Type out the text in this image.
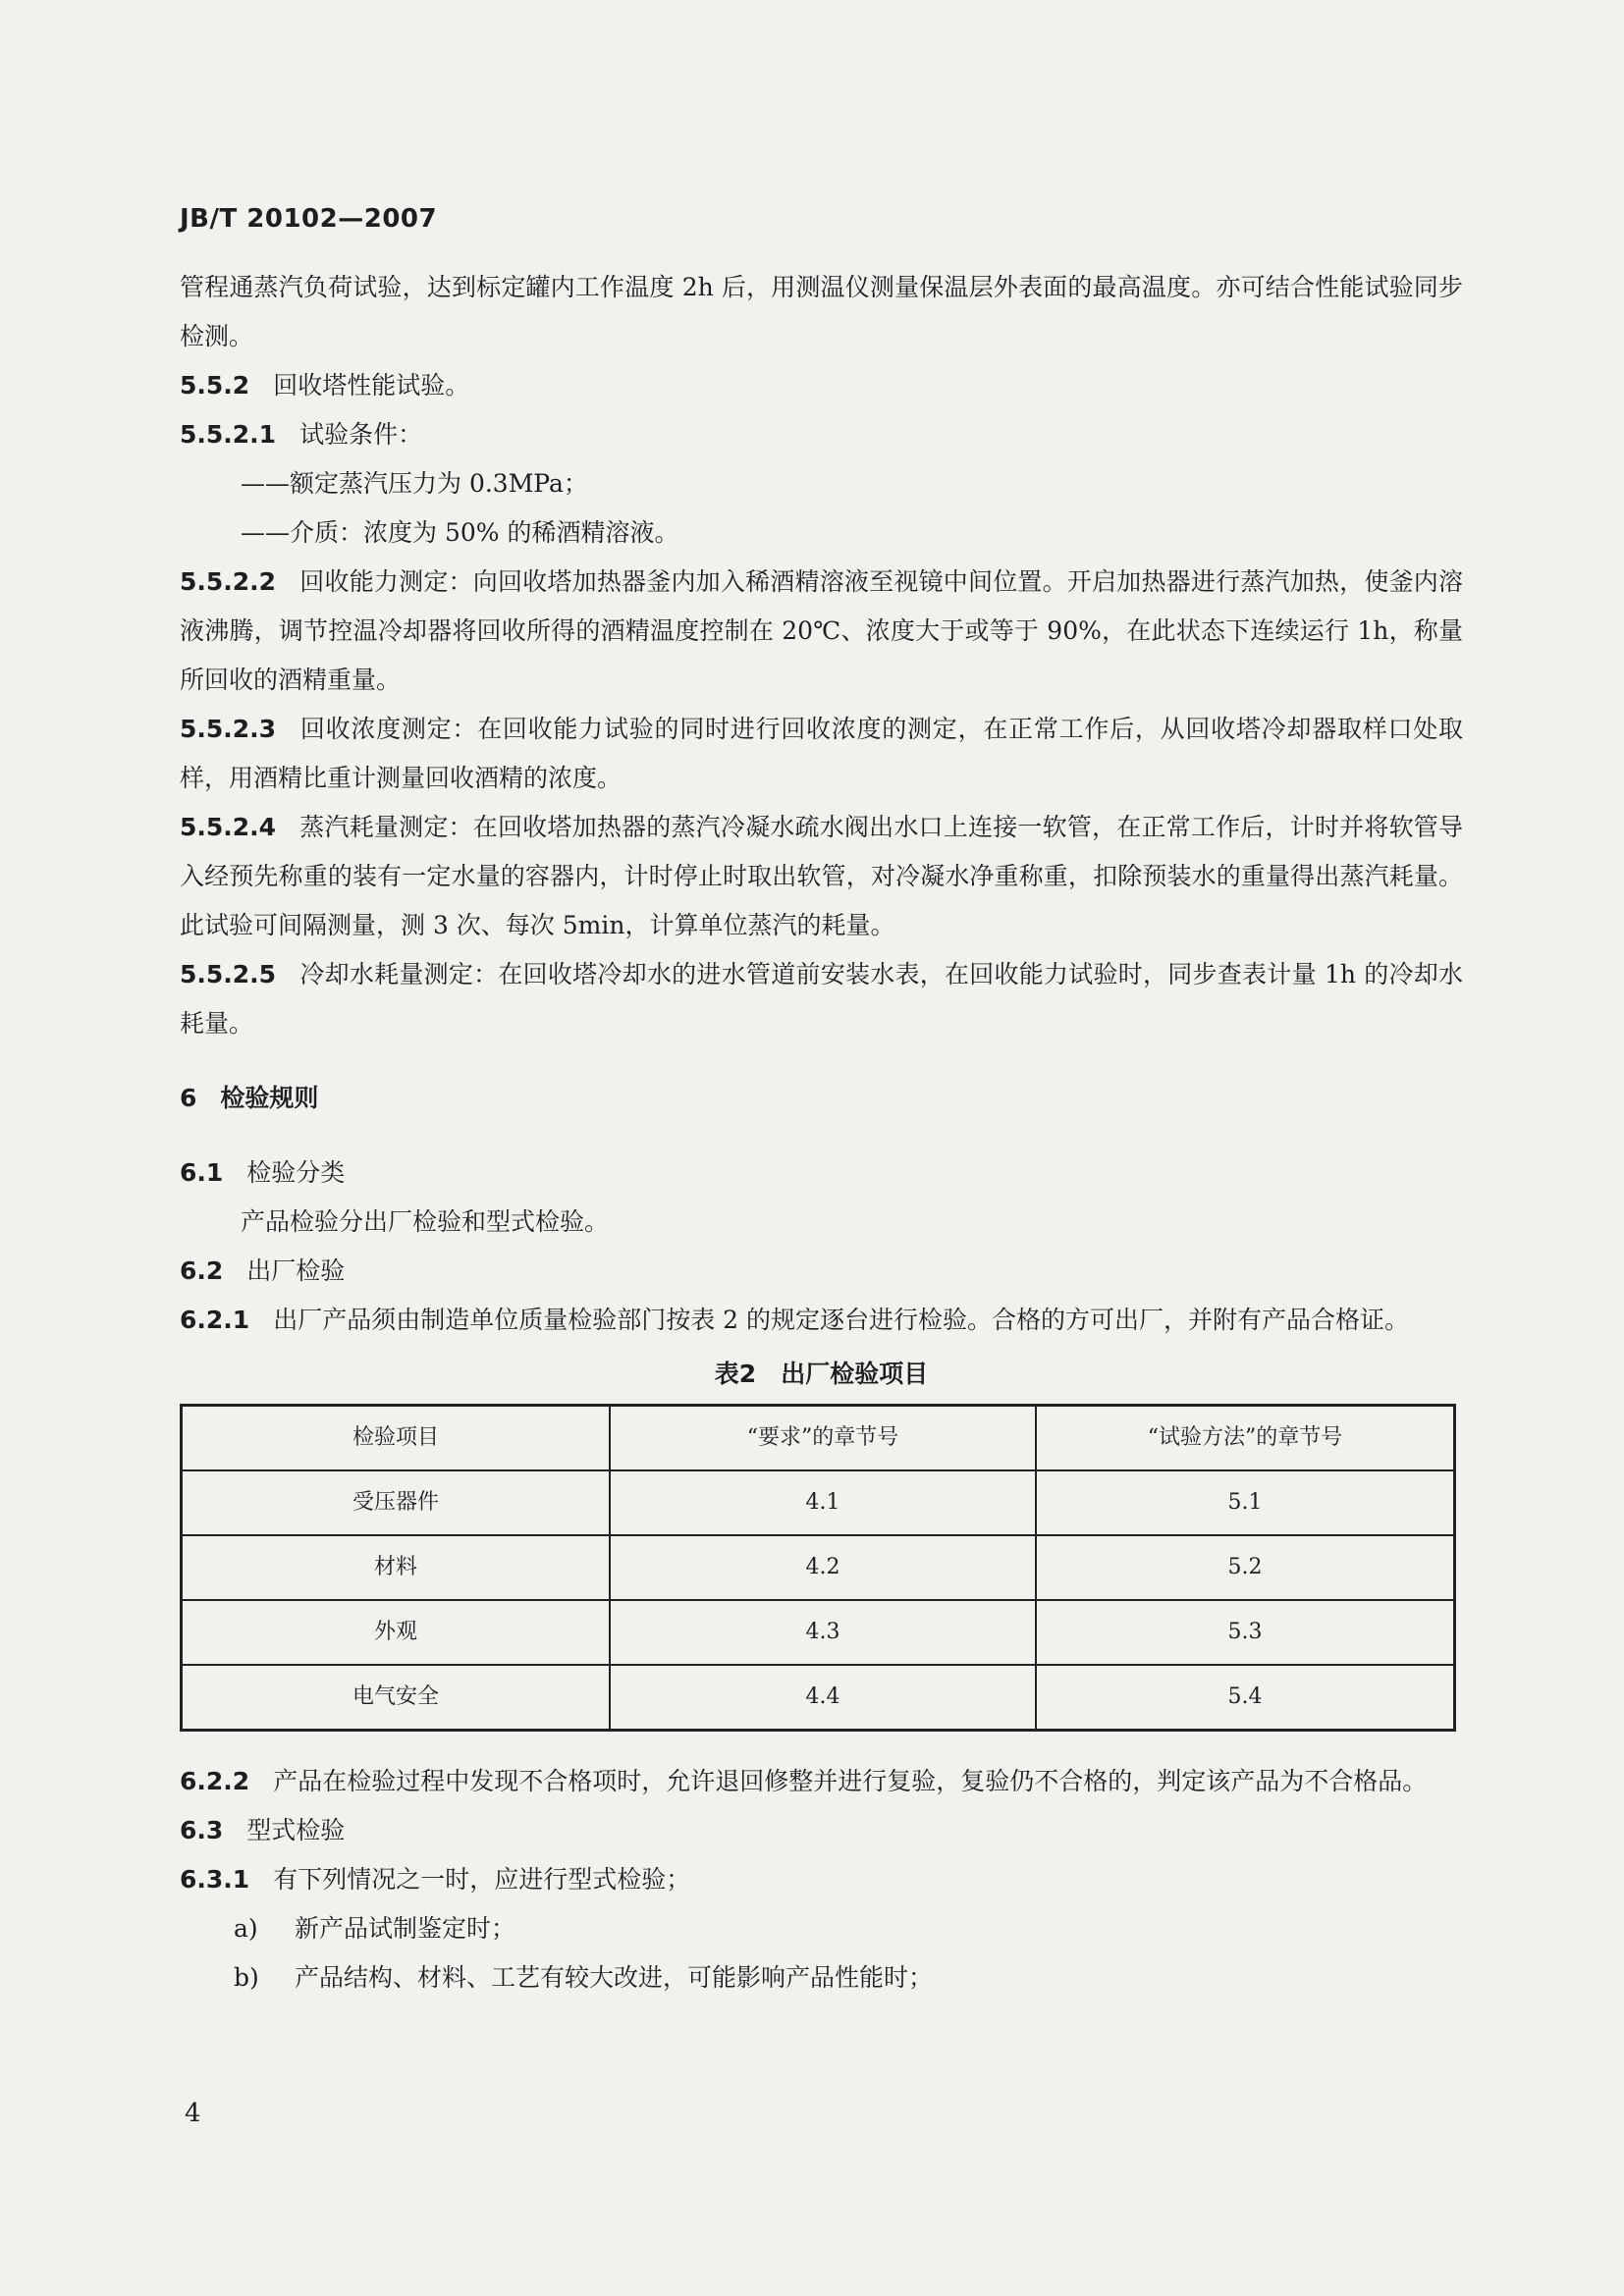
JB/T 20102—2007

管程通蒸汽负荷试验，达到标定罐内工作温度 2h 后，用测温仪测量保温层外表面的最高温度。亦可结合性能试验同步检测。

5.5.2 回收塔性能试验。

5.5.2.1 试验条件：

——额定蒸汽压力为 0.3MPa；

——介质：浓度为 50% 的稀酒精溶液。

5.5.2.2 回收能力测定：向回收塔加热器釜内加入稀酒精溶液至视镜中间位置。开启加热器进行蒸汽加热，使釜内溶液沸腾，调节控温冷却器将回收所得的酒精温度控制在 20℃、浓度大于或等于 90%，在此状态下连续运行 1h，称量所回收的酒精重量。

5.5.2.3 回收浓度测定：在回收能力试验的同时进行回收浓度的测定，在正常工作后，从回收塔冷却器取样口处取样，用酒精比重计测量回收酒精的浓度。

5.5.2.4 蒸汽耗量测定：在回收塔加热器的蒸汽冷凝水疏水阀出水口上连接一软管，在正常工作后，计时并将软管导入经预先称重的装有一定水量的容器内，计时停止时取出软管，对冷凝水净重称重，扣除预装水的重量得出蒸汽耗量。此试验可间隔测量，测 3 次、每次 5min，计算单位蒸汽的耗量。

5.5.2.5 冷却水耗量测定：在回收塔冷却水的进水管道前安装水表，在回收能力试验时，同步查表计量 1h 的冷却水耗量。

6 检验规则

6.1 检验分类

产品检验分出厂检验和型式检验。

6.2 出厂检验

6.2.1 出厂产品须由制造单位质量检验部门按表 2 的规定逐台进行检验。合格的方可出厂，并附有产品合格证。

表2　出厂检验项目
检验项目	“要求”的章节号	“试验方法”的章节号
受压器件	4.1	5.1
材料	4.2	5.2
外观	4.3	5.3
电气安全	4.4	5.4

6.2.2 产品在检验过程中发现不合格项时，允许退回修整并进行复验，复验仍不合格的，判定该产品为不合格品。

6.3 型式检验

6.3.1 有下列情况之一时，应进行型式检验；

a) 新产品试制鉴定时；

b) 产品结构、材料、工艺有较大改进，可能影响产品性能时；

4
